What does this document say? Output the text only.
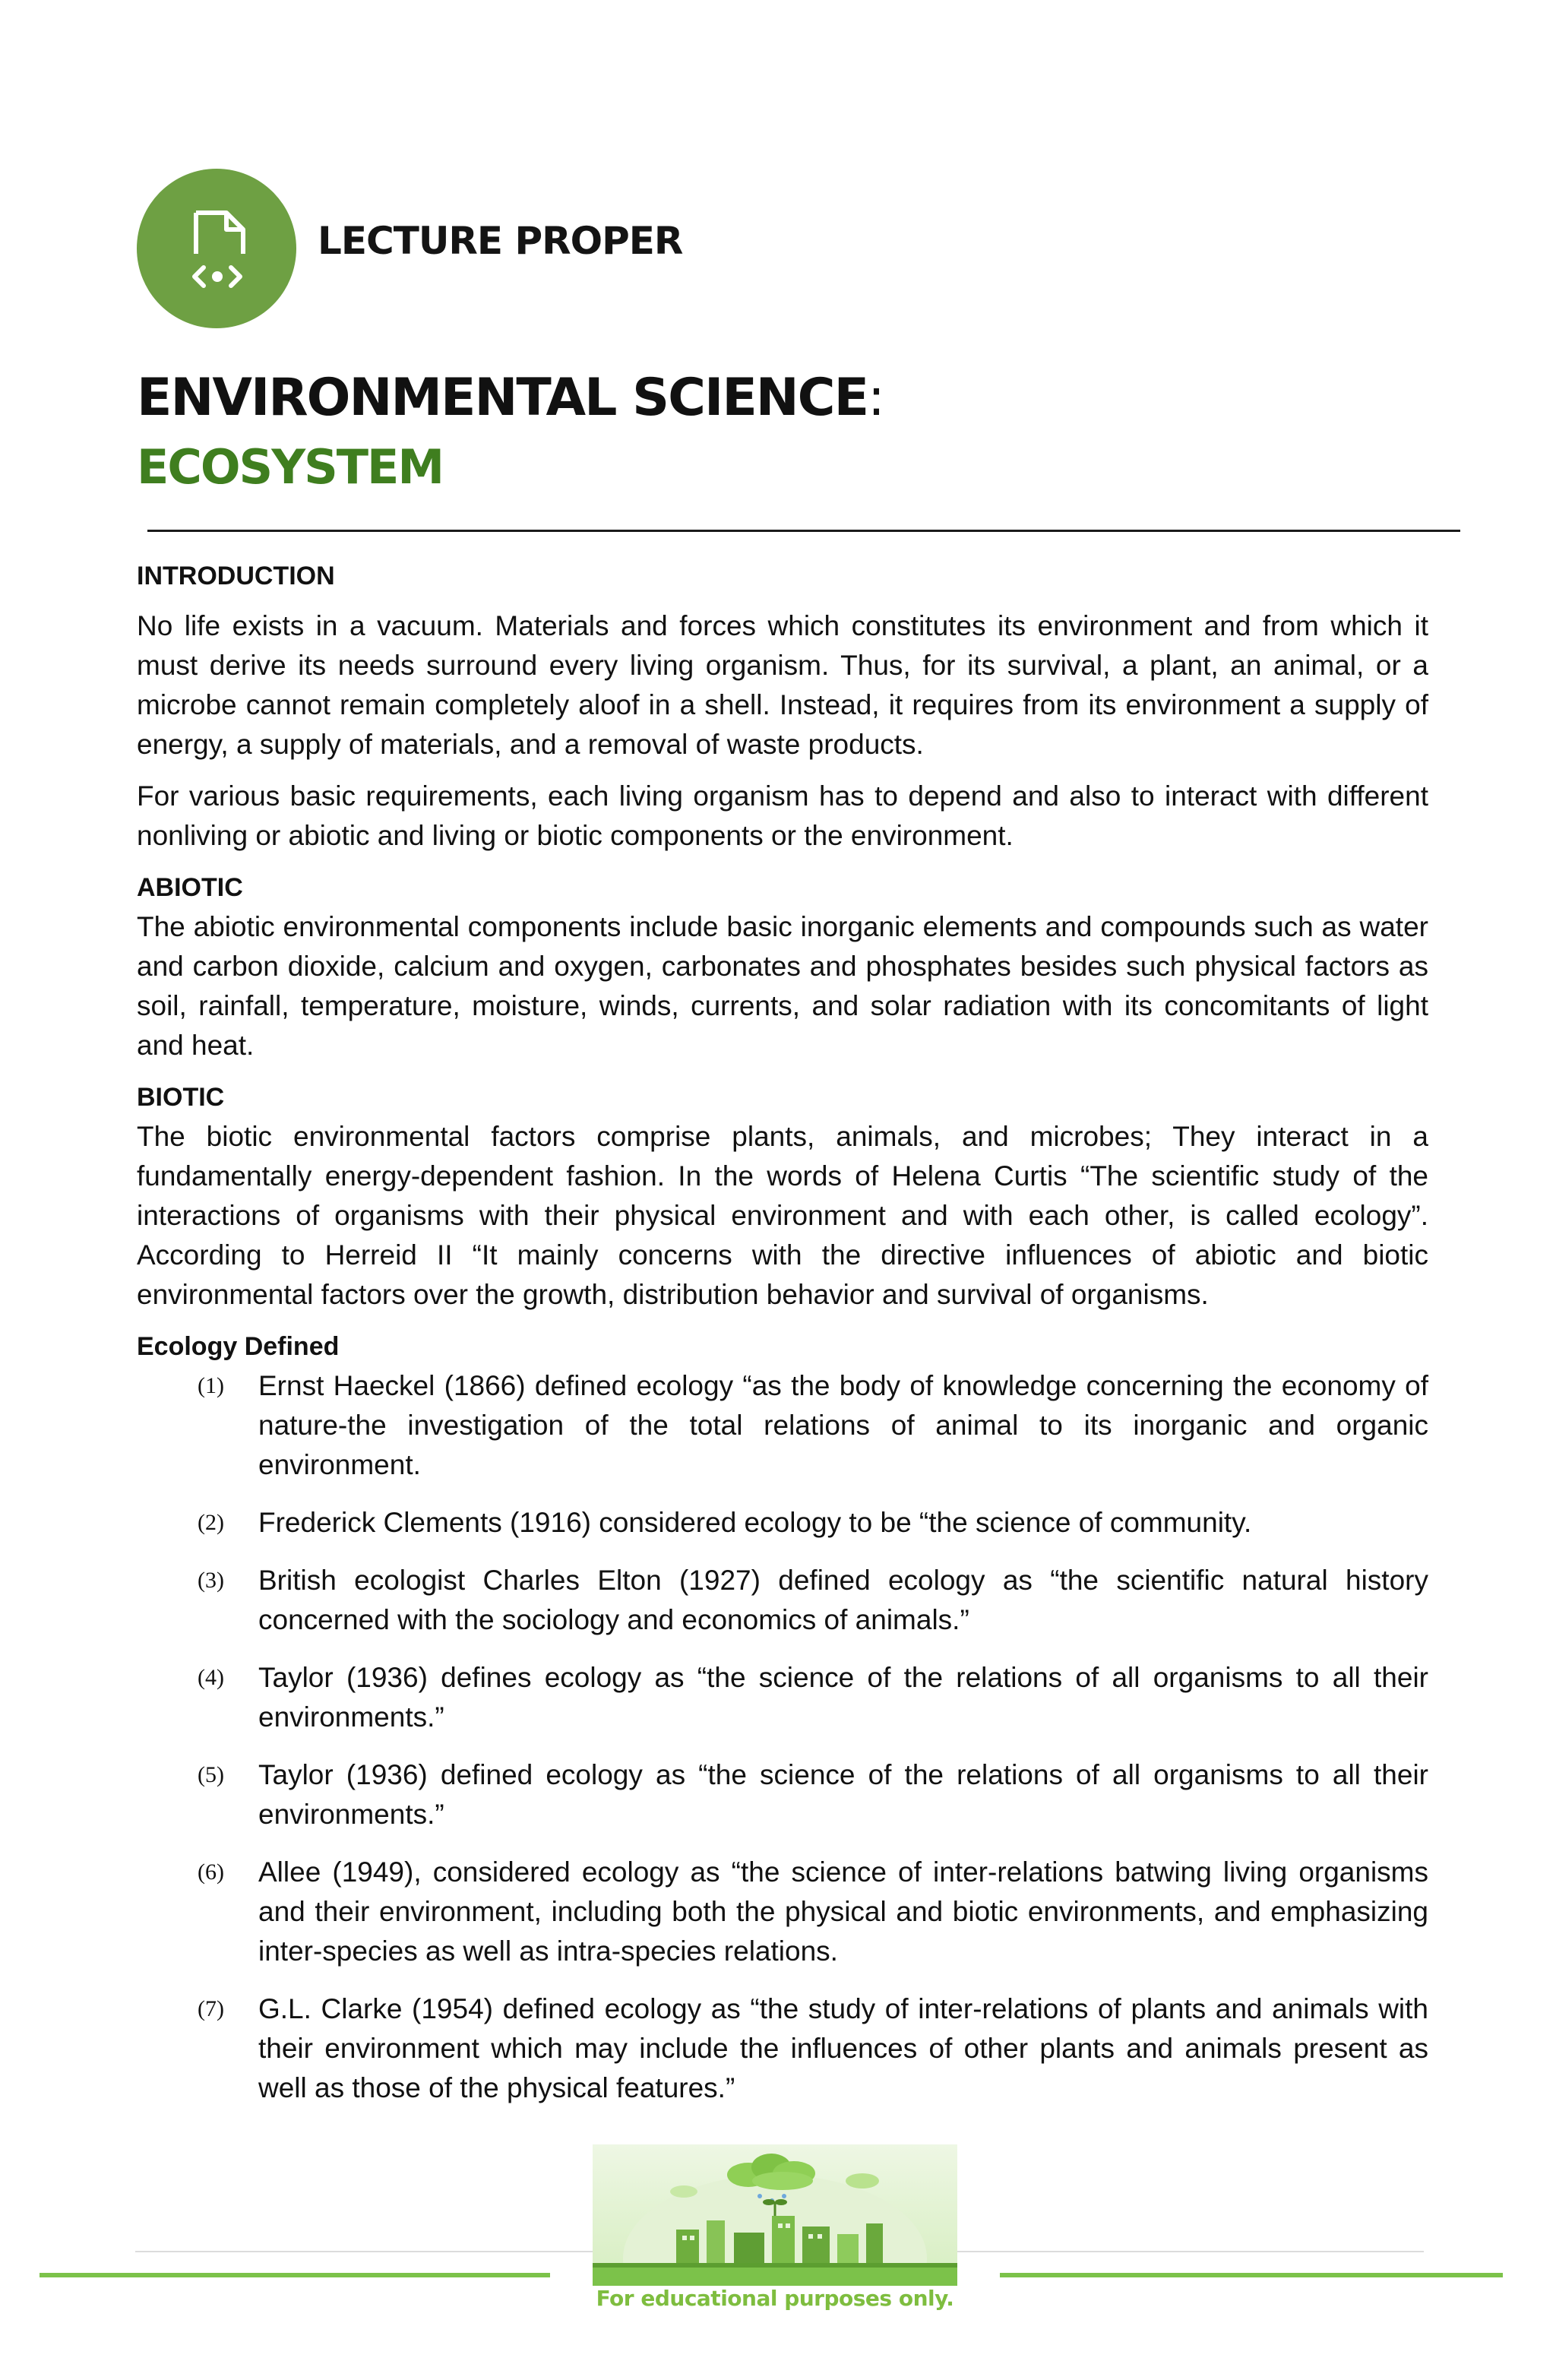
LECTURE PROPER
ENVIRONMENTAL SCIENCE:
ECOSYSTEM
INTRODUCTION

No life exists in a vacuum. Materials and forces which constitutes its environment and from which it must derive its needs surround every living organism. Thus, for its survival, a plant, an animal, or a microbe cannot remain completely aloof in a shell. Instead, it requires from its environment a supply of energy, a supply of materials, and a removal of waste products.

For various basic requirements, each living organism has to depend and also to interact with different nonliving or abiotic and living or biotic components or the environment.

ABIOTIC

The abiotic environmental components include basic inorganic elements and compounds such as water and carbon dioxide, calcium and oxygen, carbonates and phosphates besides such physical factors as soil, rainfall, temperature, moisture, winds, currents, and solar radiation with its concomitants of light and heat.

BIOTIC

The biotic environmental factors comprise plants, animals, and microbes; They interact in a fundamentally energy-dependent fashion. In the words of Helena Curtis “The scientific study of the interactions of organisms with their physical environment and with each other, is called ecology”. According to Herreid II “It mainly concerns with the directive influences of abiotic and biotic environmental factors over the growth, distribution behavior and survival of organisms.

Ecology Defined
(1) Ernst Haeckel (1866) defined ecology “as the body of knowledge concerning the economy of nature-the investigation of the total relations of animal to its inorganic and organic environment.

(2) Frederick Clements (1916) considered ecology to be “the science of community.

(3) British ecologist Charles Elton (1927) defined ecology as “the scientific natural history concerned with the sociology and economics of animals.”

(4) Taylor (1936) defines ecology as “the science of the relations of all organisms to all their environments.”

(5) Taylor (1936) defined ecology as “the science of the relations of all organisms to all their environments.”

(6) Allee (1949), considered ecology as “the science of inter-relations batwing living organisms and their environment, including both the physical and biotic environments, and emphasizing inter-species as well as intra-species relations.

(7) G.L. Clarke (1954) defined ecology as “the study of inter-relations of plants and animals with their environment which may include the influences of other plants and animals present as well as those of the physical features.”

For educational purposes only.
